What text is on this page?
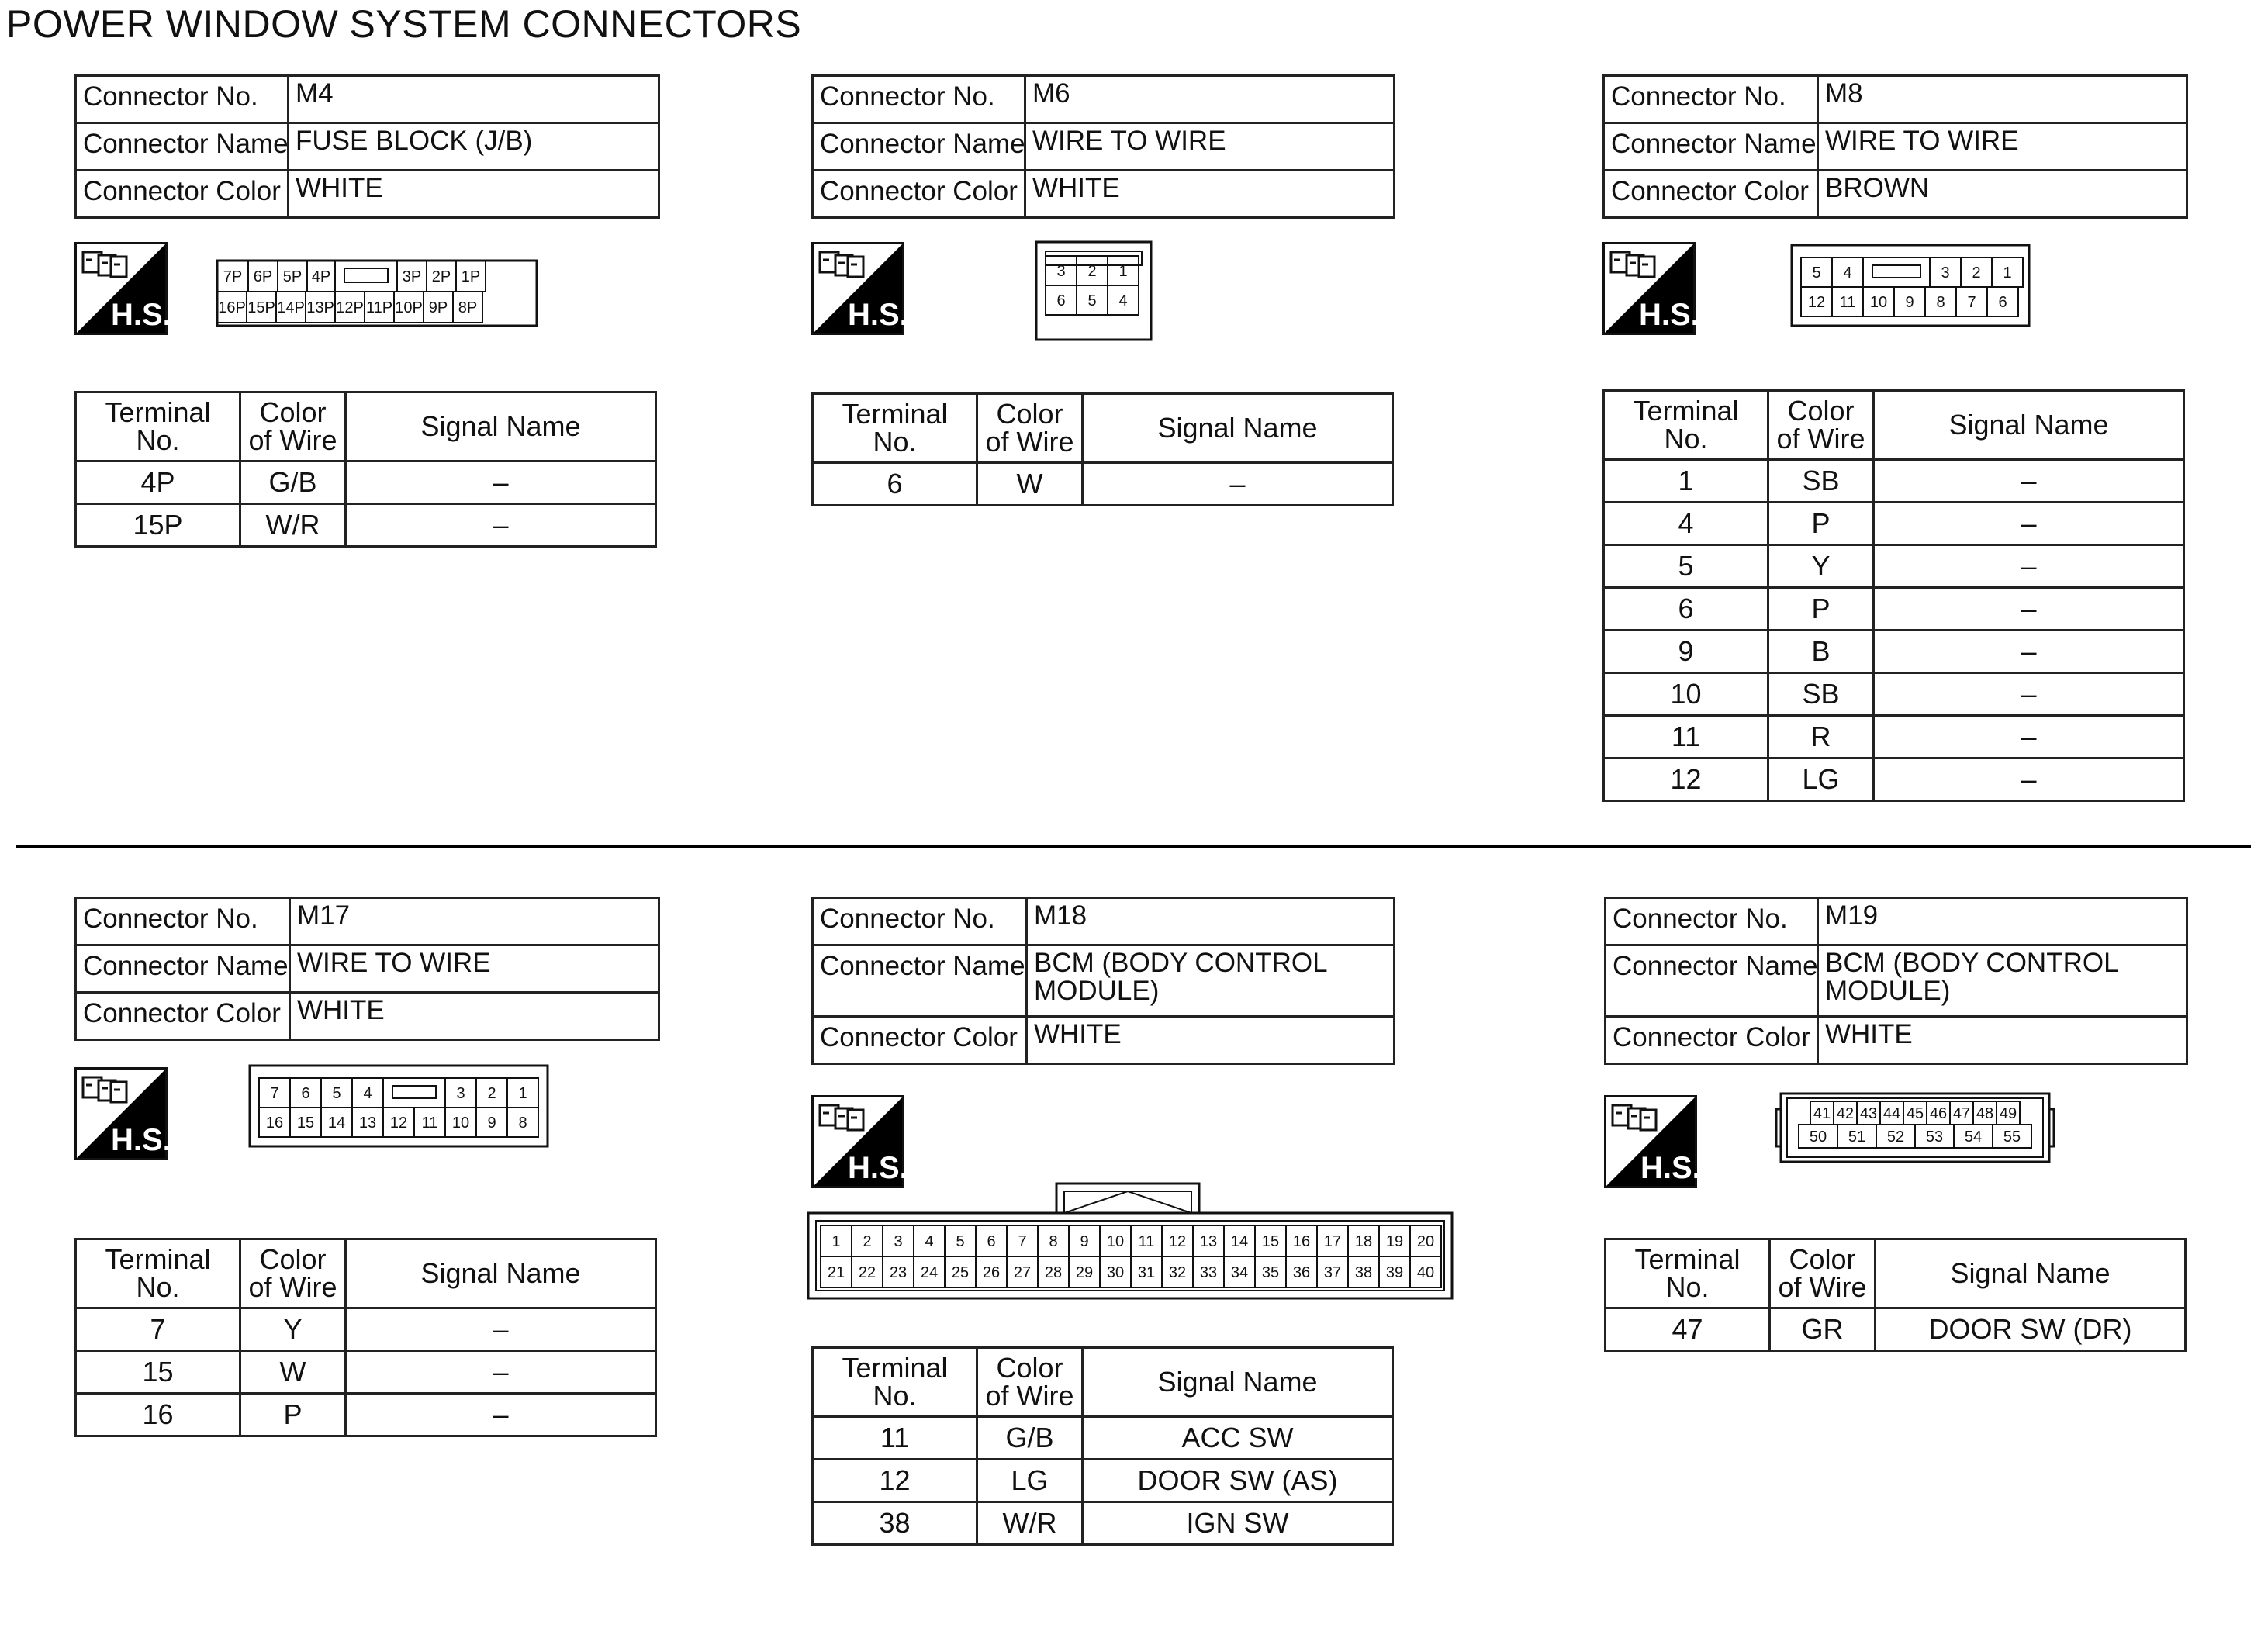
POWER WINDOW SYSTEM CONNECTORS
Connector No.	M4
Connector Name	FUSE BLOCK (J/B)
Connector Color	WHITE
H.S.
7P 6P 5P 4P	3P 2P 1P
16P 15P 14P 13P 12P 11P 10P 9P 8P
Terminal No.	Color of Wire	Signal Name
4P	G/B	–
15P	W/R	–
Connector No.	M6
Connector Name	WIRE TO WIRE
Connector Color	WHITE
H.S.
3 2 1
6 5 4
Terminal No.	Color of Wire	Signal Name
6	W	–
Connector No.	M8
Connector Name	WIRE TO WIRE
Connector Color	BROWN
H.S.
5 4	3 2 1
12 11 10 9 8 7 6
Terminal No.	Color of Wire	Signal Name
1	SB	–
4	P	–
5	Y	–
6	P	–
9	B	–
10	SB	–
11	R	–
12	LG	–
Connector No.	M17
Connector Name	WIRE TO WIRE
Connector Color	WHITE
H.S.
7 6 5 4	3 2 1
16 15 14 13 12 11 10 9 8
Terminal No.	Color of Wire	Signal Name
7	Y	–
15	W	–
16	P	–
Connector No.	M18
Connector Name	BCM (BODY CONTROL MODULE)
Connector Color	WHITE
H.S.
1 2 3 4 5 6 7 8 9 10 11 12 13 14 15 16 17 18 19 20
21 22 23 24 25 26 27 28 29 30 31 32 33 34 35 36 37 38 39 40
Terminal No.	Color of Wire	Signal Name
11	G/B	ACC SW
12	LG	DOOR SW (AS)
38	W/R	IGN SW
Connector No.	M19
Connector Name	BCM (BODY CONTROL MODULE)
Connector Color	WHITE
H.S.
41 42 43 44 45 46 47 48 49
50 51 52 53 54 55
Terminal No.	Color of Wire	Signal Name
47	GR	DOOR SW (DR)
